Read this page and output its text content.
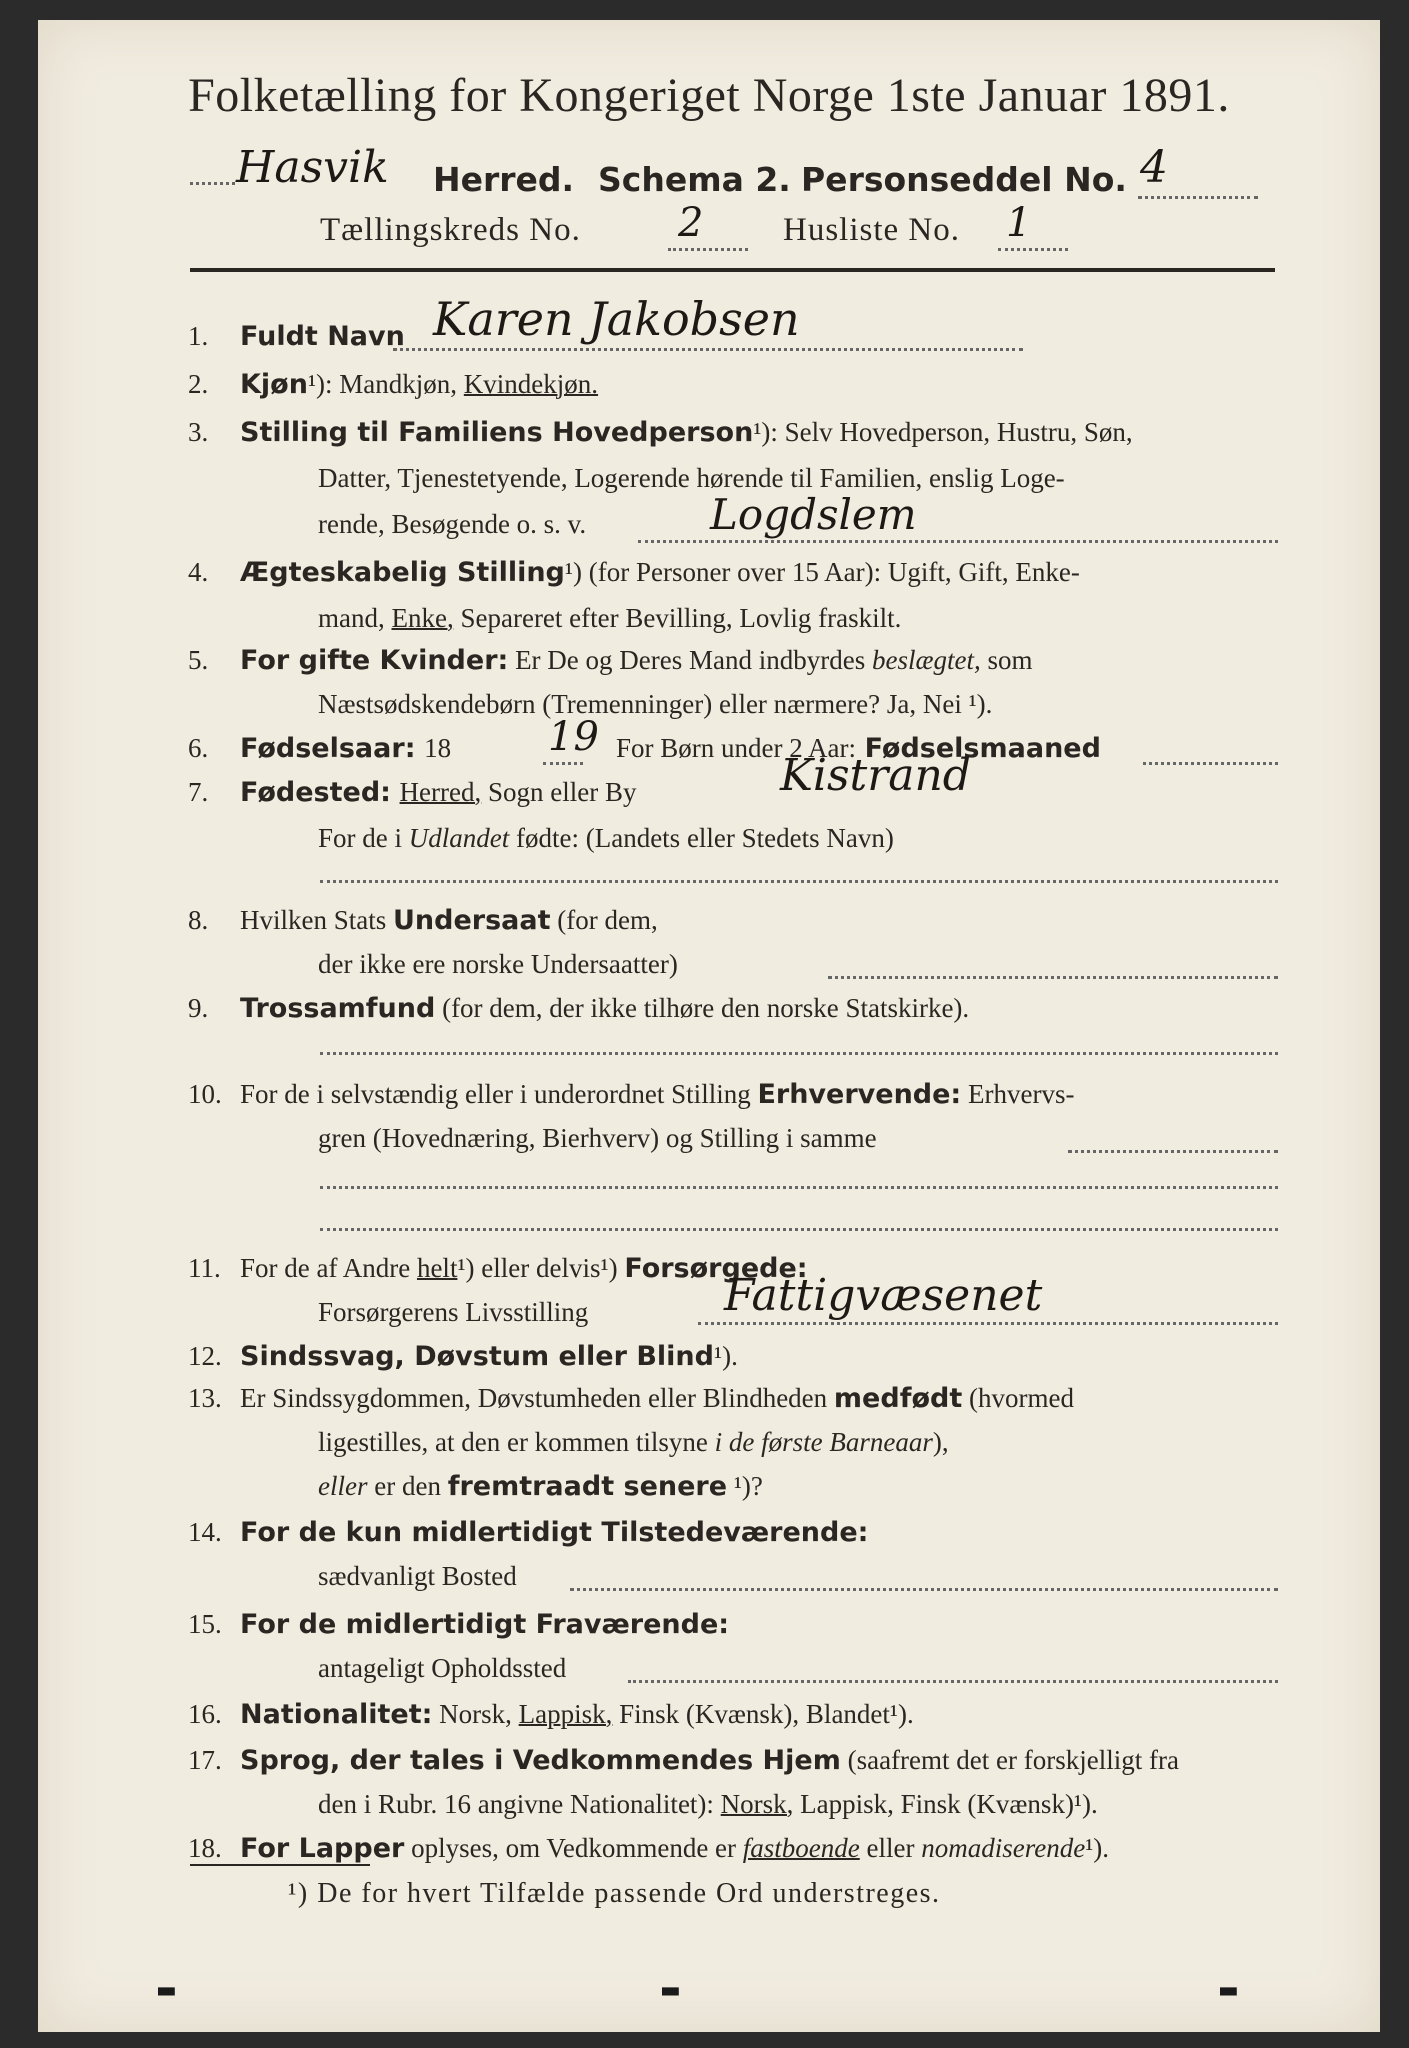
Folketælling for Kongeriget Norge 1ste Januar 1891.
Hasvik Herred. Schema 2. Personseddel No. 4
Tællingskreds No. 2 Husliste No. 1
1. Fuldt Navn Karen Jakobsen
2. Kjøn¹): Mandkjøn, Kvindekjøn.
3. Stilling til Familiens Hovedperson¹): Selv Hovedperson, Hustru, Søn,
Datter, Tjenestetyende, Logerende hørende til Familien, enslig Loge-
rende, Besøgende o. s. v.	Logdslem
4. Ægteskabelig Stilling¹) (for Personer over 15 Aar): Ugift, Gift, Enke-
mand, Enke, Separeret efter Bevilling, Lovlig fraskilt.
5. For gifte Kvinder: Er De og Deres Mand indbyrdes beslægtet, som
Næstsødskendebørn (Tremenninger) eller nærmere? Ja, Nei ¹).
6. Fødselsaar: 18 19 For Børn under 2 Aar: Fødselsmaaned
7. Fødested: Herred, Sogn eller By	Kistrand
For de i Udlandet fødte: (Landets eller Stedets Navn)
8. Hvilken Stats Undersaat (for dem,
der ikke ere norske Undersaatter)
9. Trossamfund (for dem, der ikke tilhøre den norske Statskirke).
10. For de i selvstændig eller i underordnet Stilling Erhvervende: Erhvervs-
gren (Hovednæring, Bierhverv) og Stilling i samme
11. For de af Andre helt¹) eller delvis¹) Forsørgede:
Forsørgerens Livsstilling	Fattigvæsenet
12. Sindssvag, Døvstum eller Blind¹).
13. Er Sindssygdommen, Døvstumheden eller Blindheden medfødt (hvormed
ligestilles, at den er kommen tilsyne i de første Barneaar),
eller er den fremtraadt senere ¹)?
14. For de kun midlertidigt Tilstedeværende:
sædvanligt Bosted
15. For de midlertidigt Fraværende:
antageligt Opholdssted
16. Nationalitet: Norsk, Lappisk, Finsk (Kvænsk), Blandet¹).
17. Sprog, der tales i Vedkommendes Hjem (saafremt det er forskjelligt fra
den i Rubr. 16 angivne Nationalitet): Norsk, Lappisk, Finsk (Kvænsk)¹).
18. For Lapper oplyses, om Vedkommende er fastboende eller nomadiserende¹).
¹) De for hvert Tilfælde passende Ord understreges.
▬	▬	▬
